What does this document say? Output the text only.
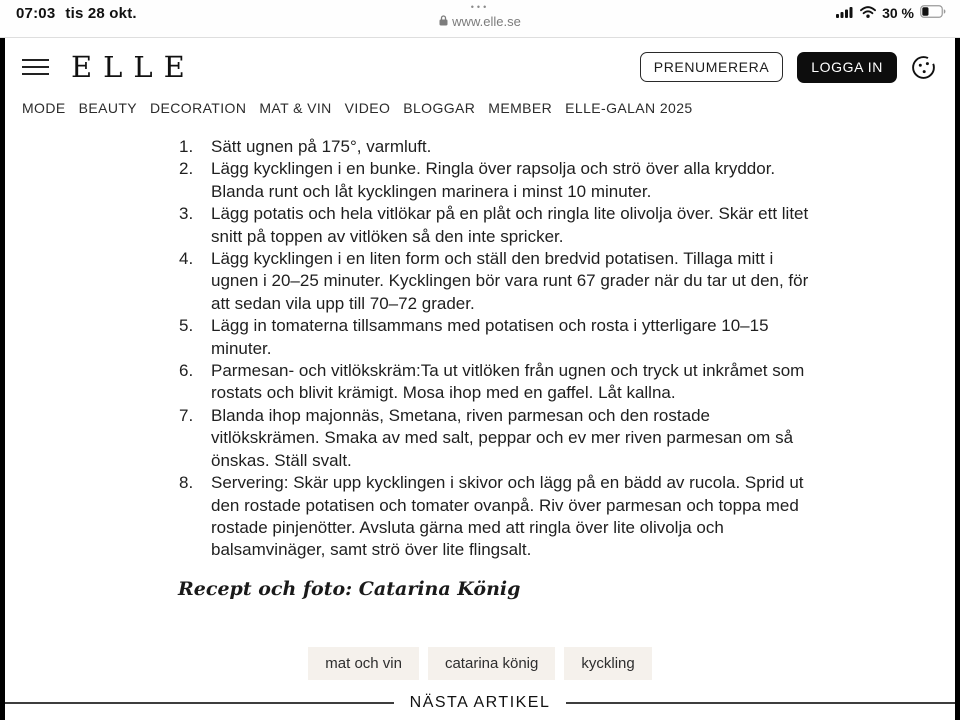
07:03 tis 28 okt.	•••
www.elle.se
30 %
ELLE	PRENUMERERA	LOGGA IN
MODE BEAUTY DECORATION MAT & VIN VIDEO BLOGGAR MEMBER ELLE-GALAN 2025
Sätt ugnen på 175°, varmluft.
Lägg kycklingen i en bunke. Ringla över rapsolja och strö över alla kryddor. Blanda runt och låt kycklingen marinera i minst 10 minuter.
Lägg potatis och hela vitlökar på en plåt och ringla lite olivolja över. Skär ett litet snitt på toppen av vitlöken så den inte spricker.
Lägg kycklingen i en liten form och ställ den bredvid potatisen. Tillaga mitt i ugnen i 20–25 minuter. Kycklingen bör vara runt 67 grader när du tar ut den, för att sedan vila upp till 70–72 grader.
Lägg in tomaterna tillsammans med potatisen och rosta i ytterligare 10–15 minuter.
Parmesan- och vitlökskräm:Ta ut vitlöken från ugnen och tryck ut inkråmet som rostats och blivit krämigt. Mosa ihop med en gaffel. Låt kallna.
Blanda ihop majonnäs, Smetana, riven parmesan och den rostade vitlökskrämen. Smaka av med salt, peppar och ev mer riven parmesan om så önskas. Ställ svalt.
Servering: Skär upp kycklingen i skivor och lägg på en bädd av rucola. Sprid ut den rostade potatisen och tomater ovanpå. Riv över parmesan och toppa med rostade pinjenötter. Avsluta gärna med att ringla över lite olivolja och balsamvinäger, samt strö över lite flingsalt.

Recept och foto: Catarina König

mat och vin	catarina könig	kyckling
NÄSTA ARTIKEL
